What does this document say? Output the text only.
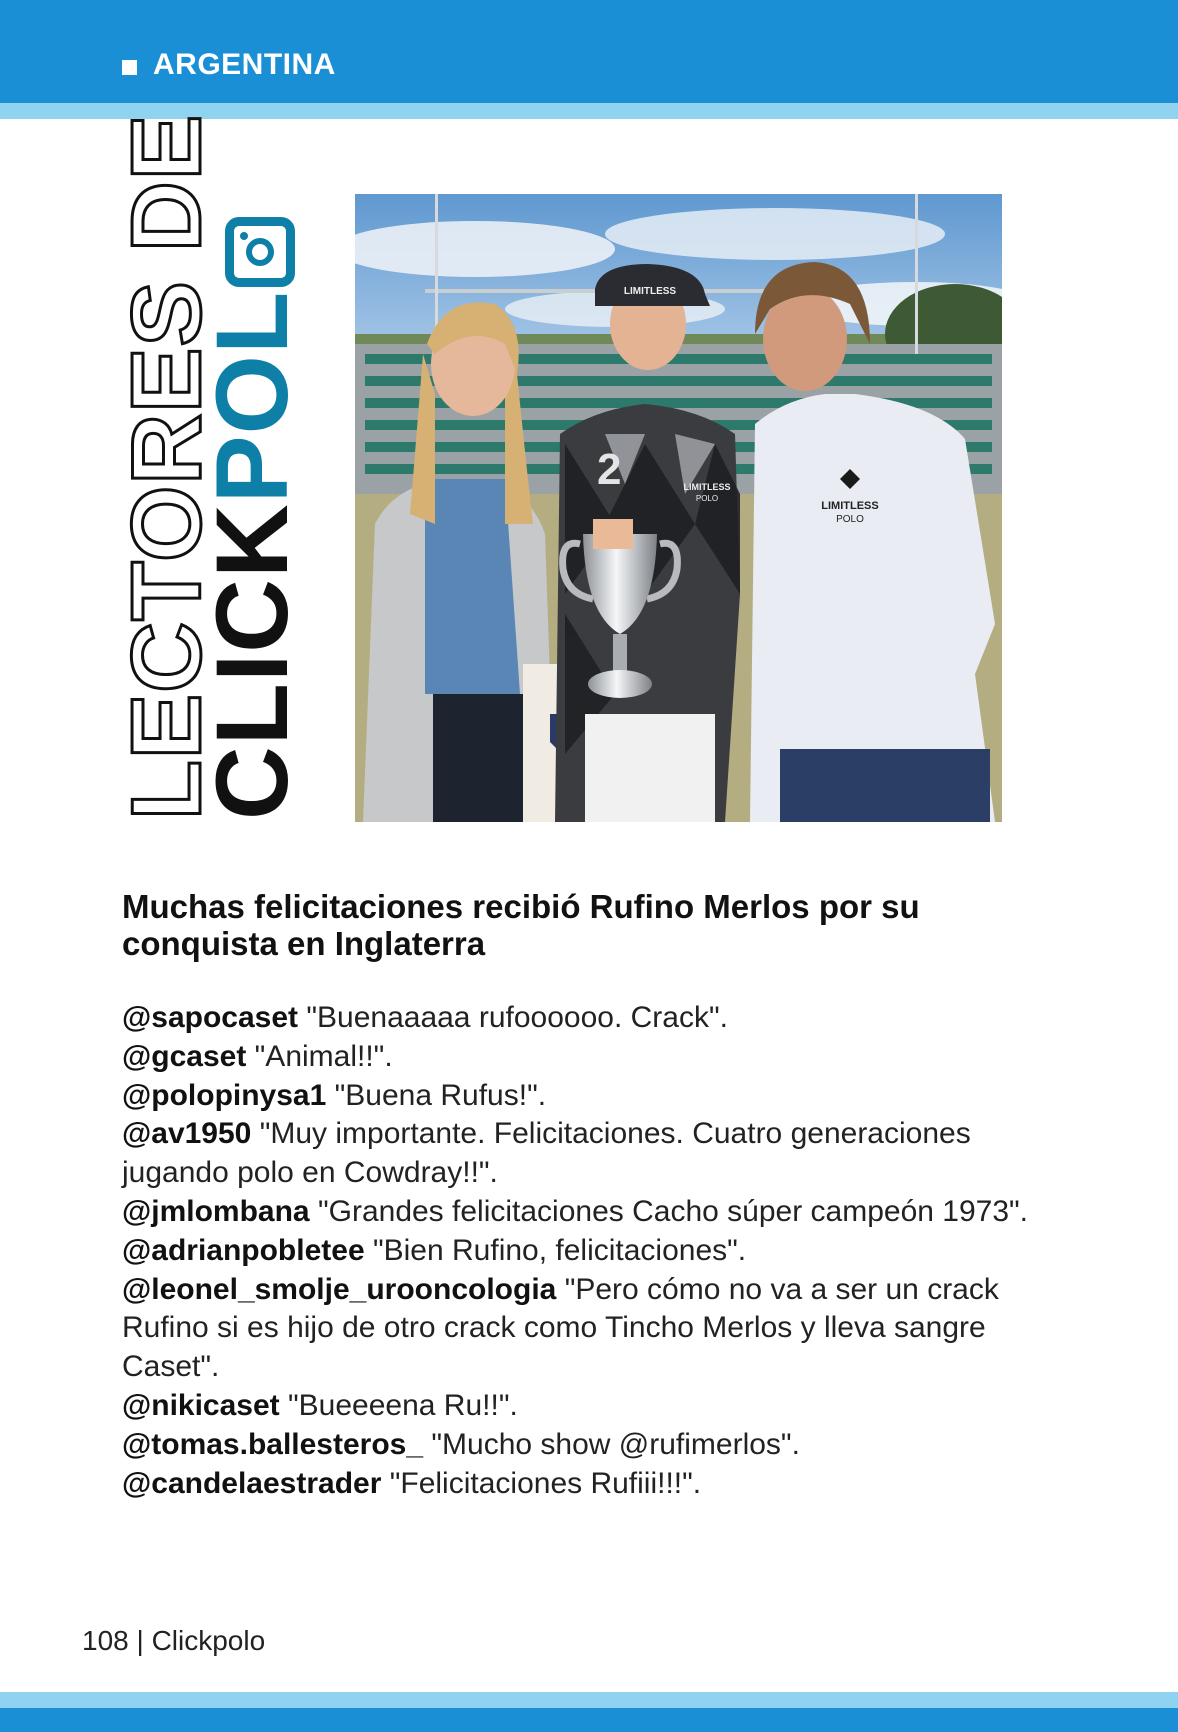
ARGENTINA
LECTORES DE
CLICKPOL
LIMITLESS
POLO
2	LIMITLESS
POLO
LIMITLESS
Muchas felicitaciones recibió Rufino Merlos por su conquista en Inglaterra
@sapocaset "Buenaaaaa rufoooooo. Crack".
@gcaset "Animal!!".
@polopinysa1 "Buena Rufus!".
@av1950 "Muy importante. Felicitaciones. Cuatro generaciones jugando polo en Cowdray!!".
@jmlombana "Grandes felicitaciones Cacho súper campeón 1973".
@adrianpobletee "Bien Rufino, felicitaciones".
@leonel_smolje_urooncologia "Pero cómo no va a ser un crack Rufino si es hijo de otro crack como Tincho Merlos y lleva sangre Caset".
@nikicaset "Bueeeena Ru!!".
@tomas.ballesteros_ "Mucho show @rufimerlos".
@candelaestrader "Felicitaciones Rufiii!!!".
108 | Clickpolo
